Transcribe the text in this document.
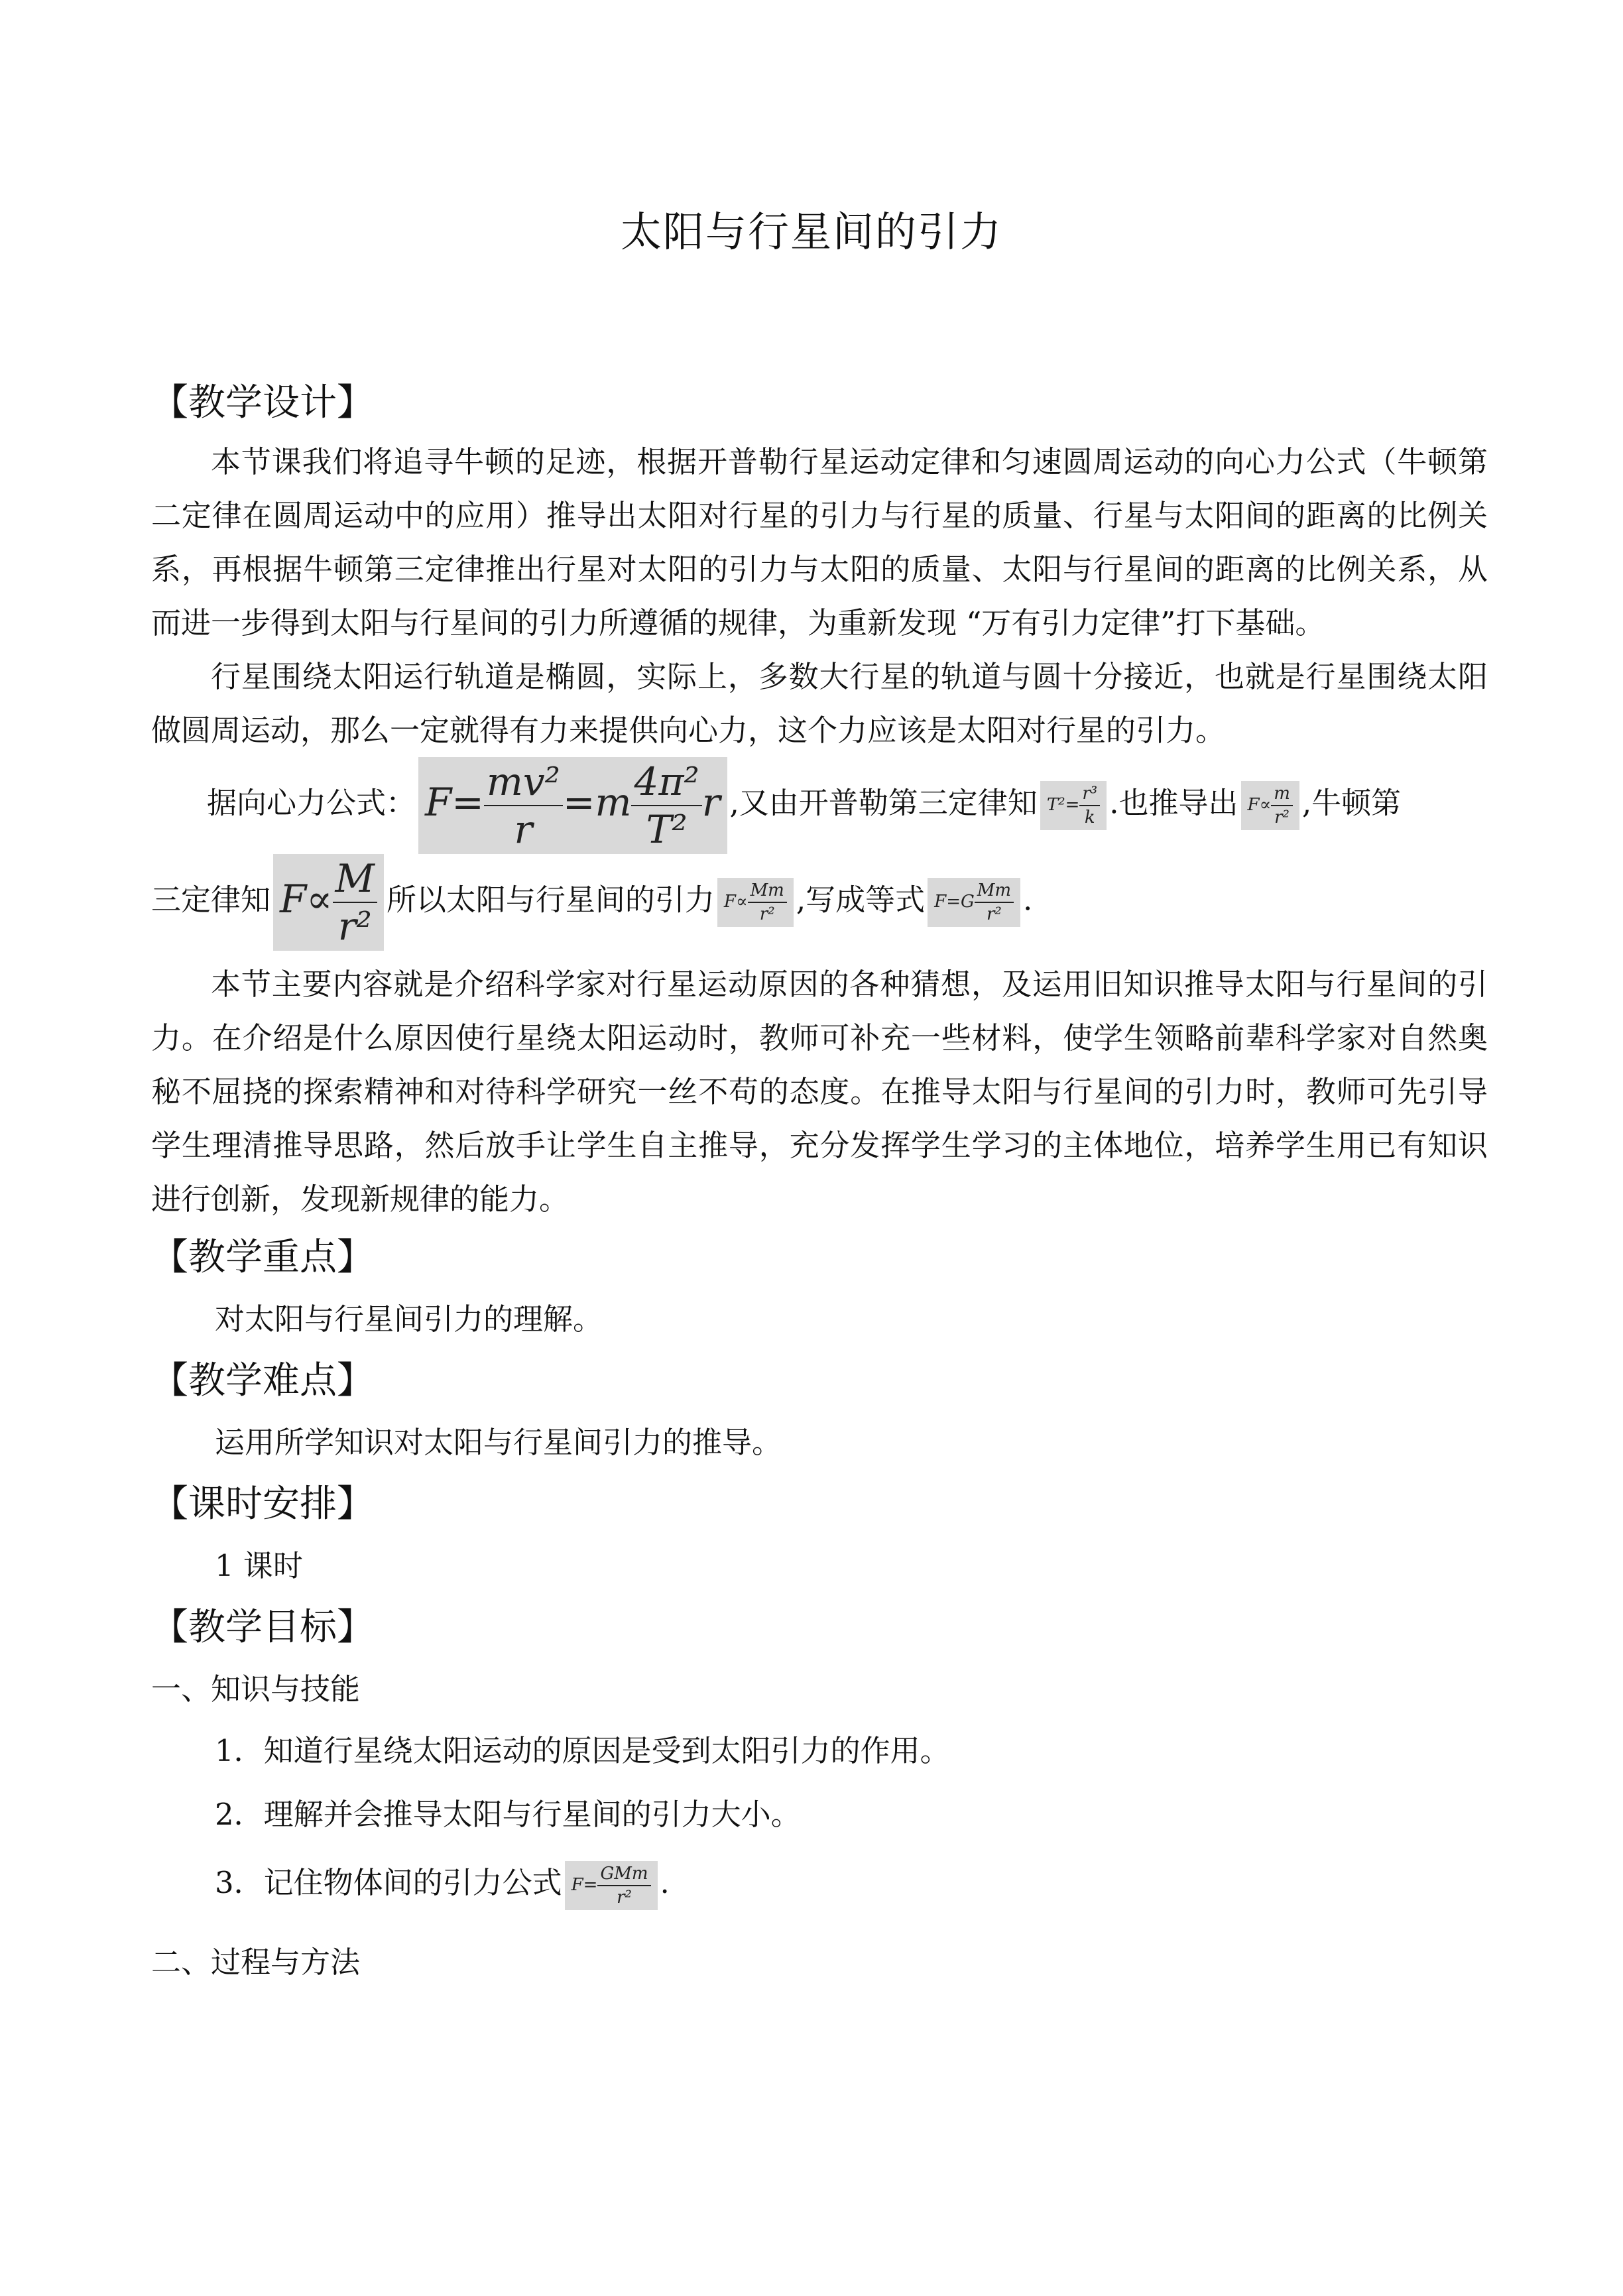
太阳与行星间的引力
【教学设计】
本节课我们将追寻牛顿的足迹，根据开普勒行星运动定律和匀速圆周运动的向心力公式（牛顿第二定律在圆周运动中的应用）推导出太阳对行星的引力与行星的质量、行星与太阳间的距离的比例关系，再根据牛顿第三定律推出行星对太阳的引力与太阳的质量、太阳与行星间的距离的比例关系，从而进一步得到太阳与行星间的引力所遵循的规律，为重新发现 “万有引力定律”打下基础。
行星围绕太阳运行轨道是椭圆，实际上，多数大行星的轨道与圆十分接近，也就是行星围绕太阳做圆周运动，那么一定就得有力来提供向心力，这个力应该是太阳对行星的引力。
据向心力公式： $F= \frac{\text{mv²}}{r} =m \frac{\text{4π²}}{\text{T²}}$ r ,又由开普勒第三定律知 $T^2= \frac{\text{r³}}{k}$ .也推导出 $F\propto \frac{m}{\text{r²}}$ ,牛顿第
三定律知 $F\propto \frac{M}{\text{r²}}$ 所以太阳与行星间的引力 $F\propto \frac{Mm}{\text{r²}}$ ,写成等式 $F=G \frac{Mm}{\text{r²}}$ .
本节主要内容就是介绍科学家对行星运动原因的各种猜想，及运用旧知识推导太阳与行星间的引力。在介绍是什么原因使行星绕太阳运动时，教师可补充一些材料，使学生领略前辈科学家对自然奥秘不屈挠的探索精神和对待科学研究一丝不苟的态度。在推导太阳与行星间的引力时，教师可先引导学生理清推导思路，然后放手让学生自主推导，充分发挥学生学习的主体地位，培养学生用已有知识进行创新，发现新规律的能力。
【教学重点】
对太阳与行星间引力的理解。
【教学难点】
运用所学知识对太阳与行星间引力的推导。
【课时安排】
1 课时
【教学目标】
一、知识与技能
1．知道行星绕太阳运动的原因是受到太阳引力的作用。
2．理解并会推导太阳与行星间的引力大小。
3．记住物体间的引力公式 $F= \frac{\text{GMm}}{\text{r²}}$ .
二、过程与方法
